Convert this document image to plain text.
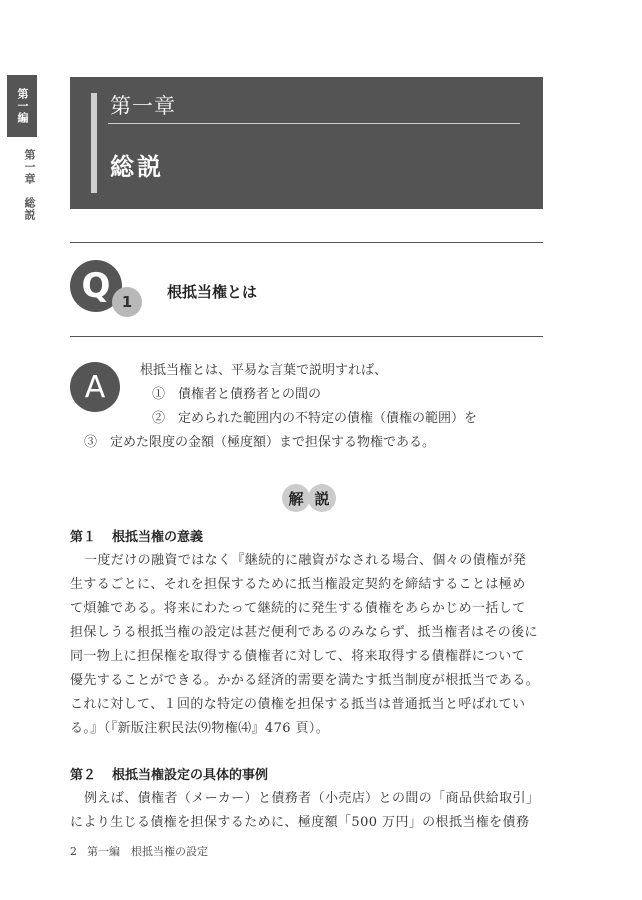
第一編
第一章　総説
第一章
総説
Q 1
根抵当権とは
A	根抵当権とは、平易な言葉で説明すれば、
①　債権者と債務者との間の
②　定められた範囲内の不特定の債権（債権の範囲）を
③　定めた限度の金額（極度額）まで担保する物権である。
解 説
第１ 根抵当権の意義
一度だけの融資ではなく『継続的に融資がなされる場合、個々の債権が発
生するごとに、それを担保するために抵当権設定契約を締結することは極め
て煩雑である。将来にわたって継続的に発生する債権をあらかじめ一括して
担保しうる根抵当権の設定は甚だ便利であるのみならず、抵当権者はその後に
同一物上に担保権を取得する債権者に対して、将来取得する債権群について
優先することができる。かかる経済的需要を満たす抵当制度が根抵当である。
これに対して、１回的な特定の債権を担保する抵当は普通抵当と呼ばれてい
る。』（『新版注釈民法⑼物権⑷』476 頁）。
第２ 根抵当権設定の具体的事例
例えば、債権者（メーカー）と債務者（小売店）との間の「商品供給取引」
により生じる債権を担保するために、極度額「500 万円」の根抵当権を債務
2 第一編　根抵当権の設定
